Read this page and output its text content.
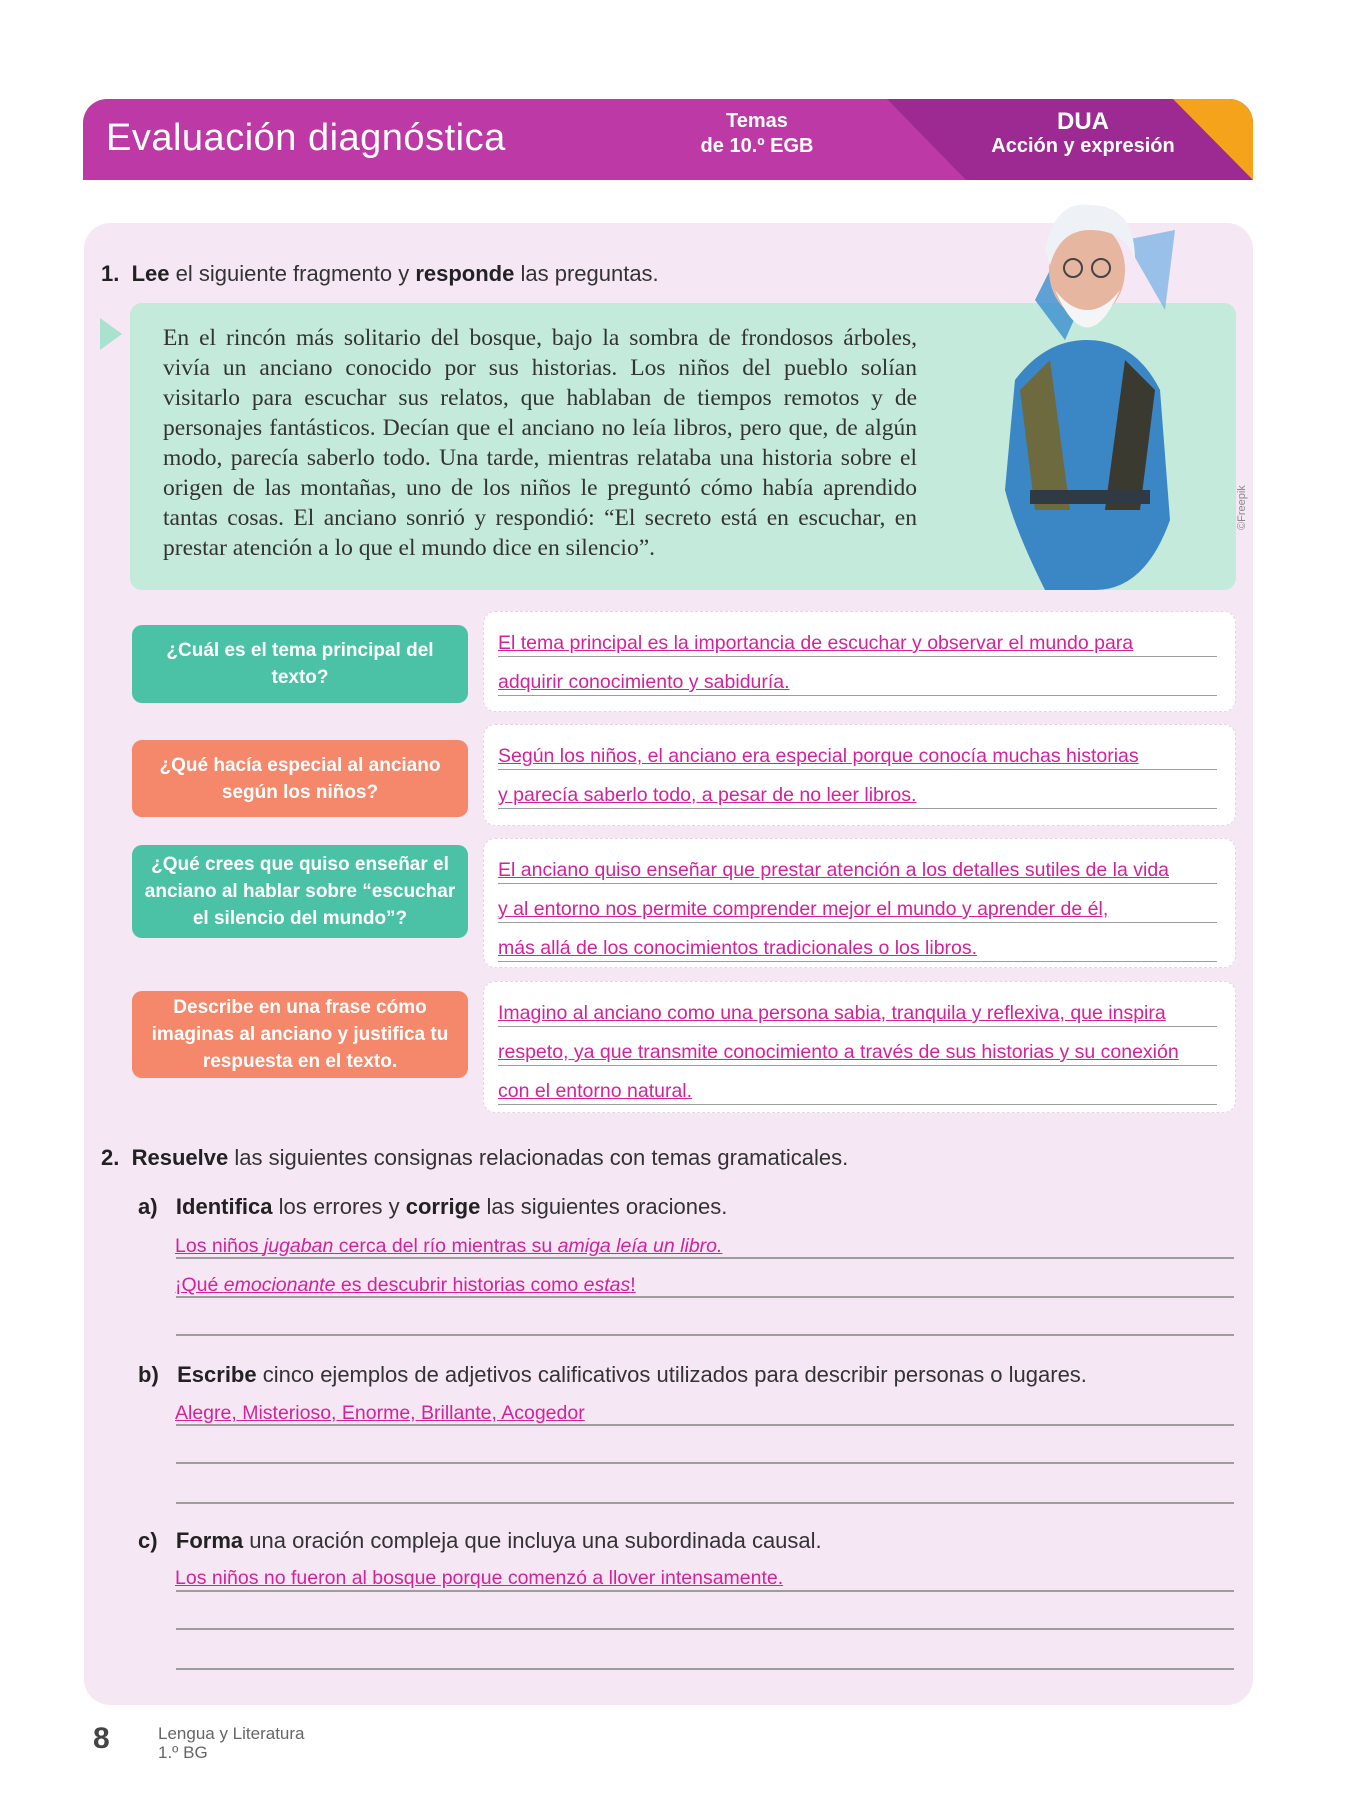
Evaluación diagnóstica	Temas
de 10.º EGB
DUA
Acción y expresión
1. Lee el siguiente fragmento y responde las preguntas.
En el rincón más solitario del bosque, bajo la sombra de frondosos árboles, vivía un anciano conocido por sus historias. Los niños del pueblo solían visitarlo para escuchar sus relatos, que hablaban de tiempos remotos y de personajes fantásticos. Decían que el anciano no leía libros, pero que, de algún modo, parecía saberlo todo. Una tarde, mientras relataba una historia sobre el origen de las montañas, uno de los niños le preguntó cómo había aprendido tantas cosas. El anciano sonrió y respondió: “El secreto está en escuchar, en prestar atención a lo que el mundo dice en silencio”.
©Freepik
¿Cuál es el tema principal del texto?
¿Qué hacía especial al anciano según los niños?
¿Qué crees que quiso enseñar el anciano al hablar sobre “escuchar el silencio del mundo”?
Describe en una frase cómo imaginas al anciano y justifica tu respuesta en el texto.
El tema principal es la importancia de escuchar y observar el mundo para
adquirir conocimiento y sabiduría.
Según los niños, el anciano era especial porque conocía muchas historias
y parecía saberlo todo, a pesar de no leer libros.
El anciano quiso enseñar que prestar atención a los detalles sutiles de la vida
y al entorno nos permite comprender mejor el mundo y aprender de él,
más allá de los conocimientos tradicionales o los libros.
Imagino al anciano como una persona sabia, tranquila y reflexiva, que inspira
respeto, ya que transmite conocimiento a través de sus historias y su conexión
con el entorno natural.
2. Resuelve las siguientes consignas relacionadas con temas gramaticales.
a) Identifica los errores y corrige las siguientes oraciones.
Los niños jugaban cerca del río mientras su amiga leía un libro.
¡Qué emocionante es descubrir historias como estas!
b) Escribe cinco ejemplos de adjetivos calificativos utilizados para describir personas o lugares.
Alegre, Misterioso, Enorme, Brillante, Acogedor
c) Forma una oración compleja que incluya una subordinada causal.
Los niños no fueron al bosque porque comenzó a llover intensamente.
8	Lengua y Literatura
1.º BG
